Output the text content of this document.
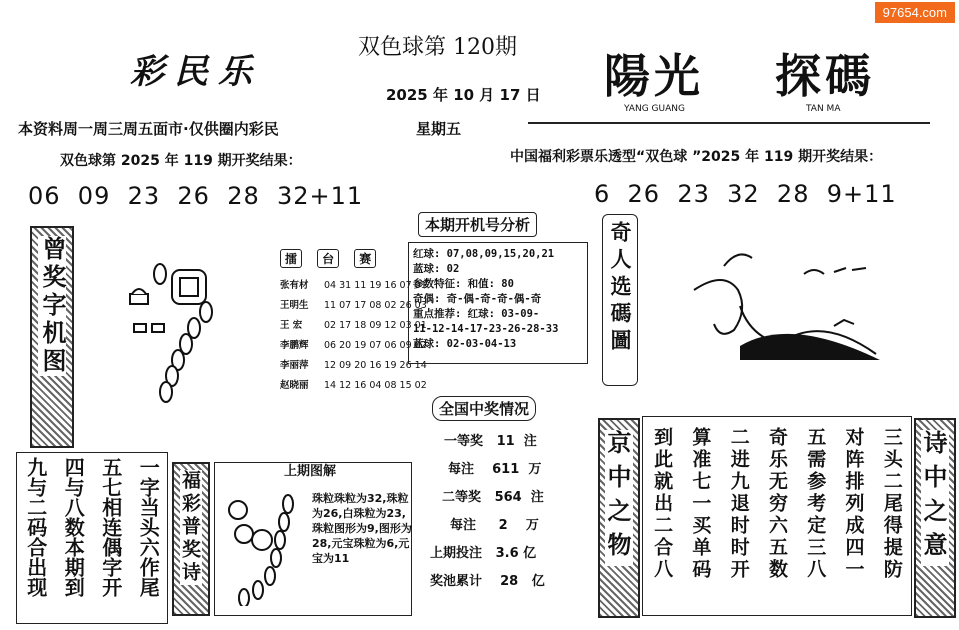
97654.com
彩民乐	陽光 探碼
YANG GUANG	TAN MA
双色球第 120期
2025 年 10 月 17 日
本资料周一周三周五面市·仅供圈内彩民	星期五
双色球第 2025 年 119 期开奖结果：	中国福利彩票乐透型“双色球 ”2025 年 119 期开奖结果：
06  09  23  26  28  32+11	6  26  23  32  28  9+11
曾奖字机图	擂 台 赛
张有材 04 31 11 19 16 07 01
王明生 11 07 17 08 02 26 03
王 宏 02 17 18 09 12 03 01
李鹏辉 06 20 19 07 06 09 02
李丽萍 12 09 20 16 19 26 14
赵晓丽 14 12 16 04 08 15 02
本期开机号分析
红球: 07,08,09,15,20,21
蓝球: 02
参数特征: 和值: 80
奇偶: 奇-偶-奇-奇-偶-奇
重点推荐: 红球: 03-09-
11-12-14-17-23-26-28-33
蓝球: 02-03-04-13	奇人选碼圖
全国中奖情况
一等奖 11 注
每注 611 万
二等奖 564 注
每注 2 万
上期投注 3.6 亿
奖池累计 28 亿
一字当头六作尾
五七相连偶字开
四与八数本期到
九与二码合出现	福彩普奖诗	上期图解
珠粒珠粒为32,珠粒为26,白珠粒为23,珠粒图形为9,图形为28,元宝珠粒为6,元宝为11	京中之物	三头二尾得提防
对阵排列成四一
五需参考定三八
奇乐无穷六五数
二进九退时时开
算准七一买单码
到此就出二合八	诗中之意
